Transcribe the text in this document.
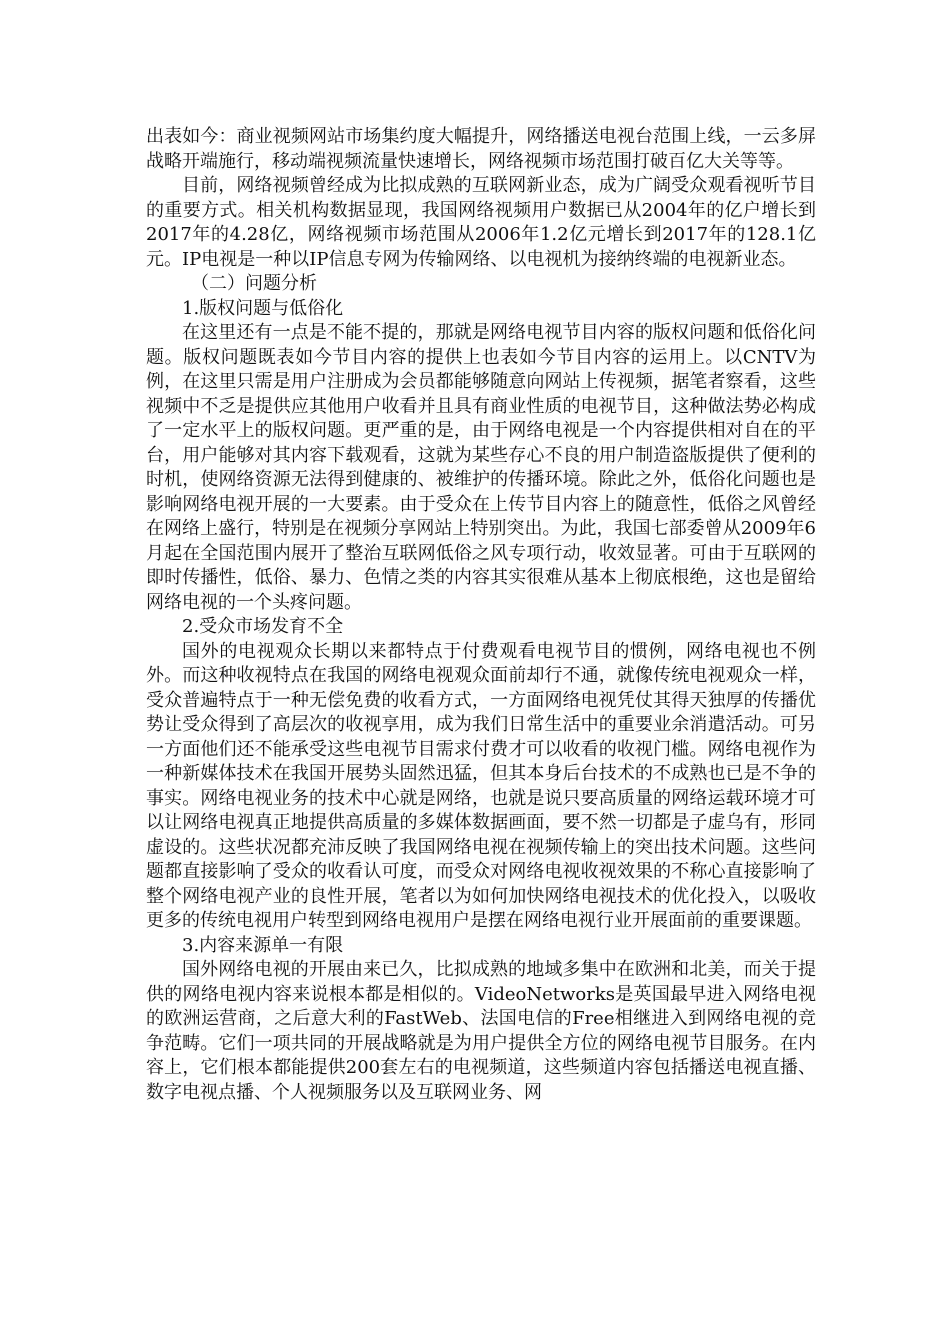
出表如今：商业视频网站市场集约度大幅提升，网络播送电视台范围上线，一云多屏战略开端施行，移动端视频流量快速增长，网络视频市场范围打破百亿大关等等。

目前，网络视频曾经成为比拟成熟的互联网新业态，成为广阔受众观看视听节目的重要方式。相关机构数据显现，我国网络视频用户数据已从2004年的亿户增长到2017年的4.28亿，网络视频市场范围从2006年1.2亿元增长到2017年的128.1亿元。IP电视是一种以IP信息专网为传输网络、以电视机为接纳终端的电视新业态。

（二）问题分析

1.版权问题与低俗化

在这里还有一点是不能不提的，那就是网络电视节目内容的版权问题和低俗化问题。版权问题既表如今节目内容的提供上也表如今节目内容的运用上。以CNTV为例，在这里只需是用户注册成为会员都能够随意向网站上传视频，据笔者察看，这些视频中不乏是提供应其他用户收看并且具有商业性质的电视节目，这种做法势必构成了一定水平上的版权问题。更严重的是，由于网络电视是一个内容提供相对自在的平台，用户能够对其内容下载观看，这就为某些存心不良的用户制造盗版提供了便利的时机，使网络资源无法得到健康的、被维护的传播环境。除此之外，低俗化问题也是影响网络电视开展的一大要素。由于受众在上传节目内容上的随意性，低俗之风曾经在网络上盛行，特别是在视频分享网站上特别突出。为此，我国七部委曾从2009年6月起在全国范围内展开了整治互联网低俗之风专项行动，收效显著。可由于互联网的即时传播性，低俗、暴力、色情之类的内容其实很难从基本上彻底根绝，这也是留给网络电视的一个头疼问题。

2.受众市场发育不全

国外的电视观众长期以来都特点于付费观看电视节目的惯例，网络电视也不例外。而这种收视特点在我国的网络电视观众面前却行不通，就像传统电视观众一样，受众普遍特点于一种无偿免费的收看方式，一方面网络电视凭仗其得天独厚的传播优势让受众得到了高层次的收视享用，成为我们日常生活中的重要业余消遣活动。可另一方面他们还不能承受这些电视节目需求付费才可以收看的收视门槛。网络电视作为一种新媒体技术在我国开展势头固然迅猛，但其本身后台技术的不成熟也已是不争的事实。网络电视业务的技术中心就是网络，也就是说只要高质量的网络运载环境才可以让网络电视真正地提供高质量的多媒体数据画面，要不然一切都是子虚乌有，形同虚设的。这些状况都充沛反映了我国网络电视在视频传输上的突出技术问题。这些问题都直接影响了受众的收看认可度，而受众对网络电视收视效果的不称心直接影响了整个网络电视产业的良性开展，笔者以为如何加快网络电视技术的优化投入，以吸收更多的传统电视用户转型到网络电视用户是摆在网络电视行业开展面前的重要课题。

3.内容来源单一有限

国外网络电视的开展由来已久，比拟成熟的地域多集中在欧洲和北美，而关于提供的网络电视内容来说根本都是相似的。VideoNetworks是英国最早进入网络电视的欧洲运营商，之后意大利的FastWeb、法国电信的Free相继进入到网络电视的竞争范畴。它们一项共同的开展战略就是为用户提供全方位的网络电视节目服务。在内容上，它们根本都能提供200套左右的电视频道，这些频道内容包括播送电视直播、数字电视点播、个人视频服务以及互联网业务、网
